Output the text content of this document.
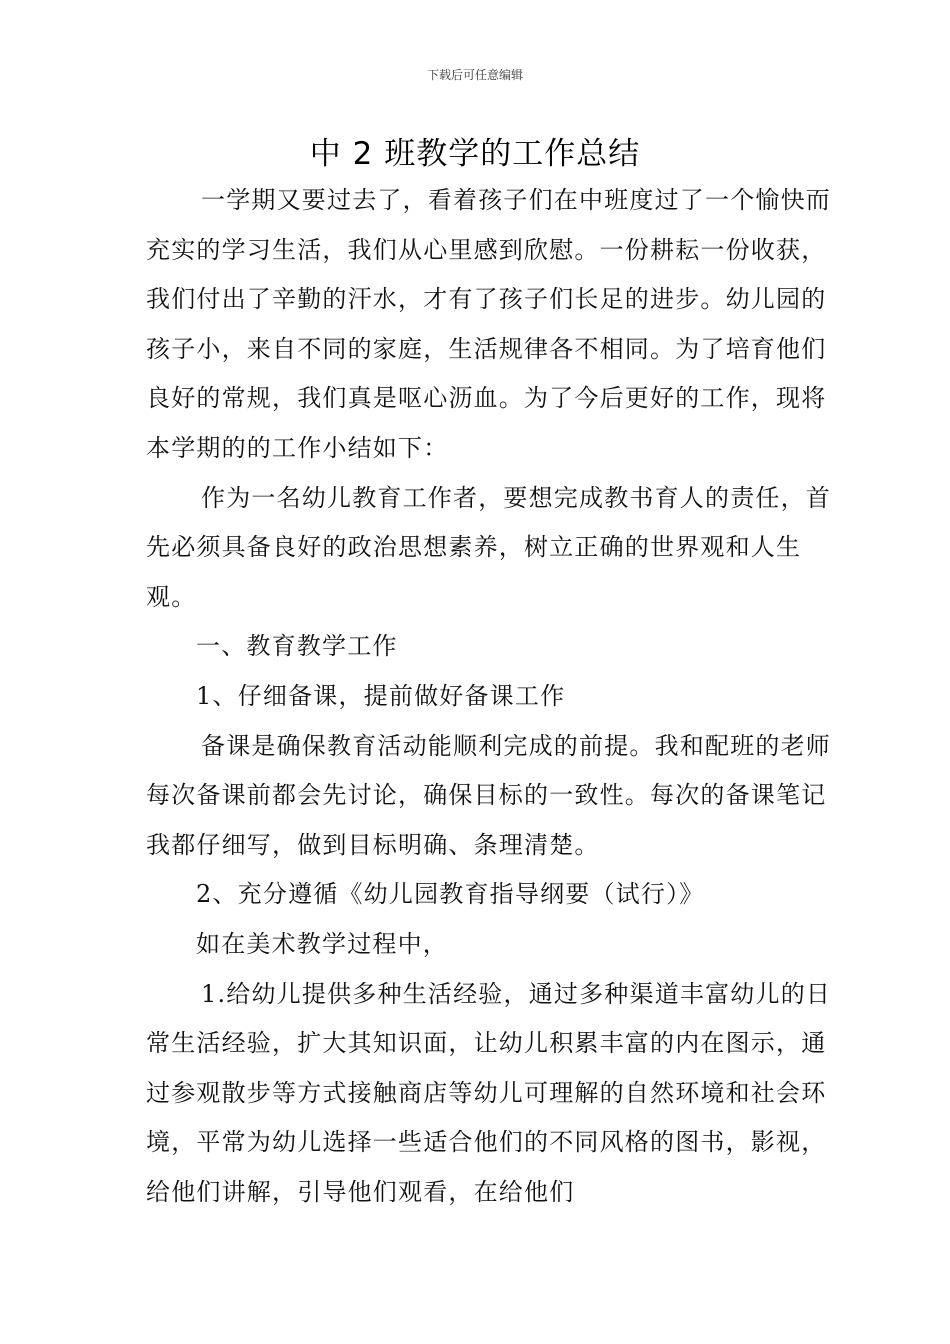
下载后可任意编辑
中 2 班教学的工作总结

一学期又要过去了，看着孩子们在中班度过了一个愉快而充实的学习生活，我们从心里感到欣慰。一份耕耘一份收获，我们付出了辛勤的汗水，才有了孩子们长足的进步。幼儿园的孩子小，来自不同的家庭，生活规律各不相同。为了培育他们良好的常规，我们真是呕心沥血。为了今后更好的工作，现将本学期的的工作小结如下：

作为一名幼儿教育工作者，要想完成教书育人的责任，首先必须具备良好的政治思想素养，树立正确的世界观和人生观。

一、教育教学工作

1、仔细备课，提前做好备课工作

备课是确保教育活动能顺利完成的前提。我和配班的老师每次备课前都会先讨论，确保目标的一致性。每次的备课笔记我都仔细写，做到目标明确、条理清楚。

2、充分遵循《幼儿园教育指导纲要（试行）》

如在美术教学过程中，

1.给幼儿提供多种生活经验，通过多种渠道丰富幼儿的日常生活经验，扩大其知识面，让幼儿积累丰富的内在图示，通过参观散步等方式接触商店等幼儿可理解的自然环境和社会环境，平常为幼儿选择一些适合他们的不同风格的图书，影视，给他们讲解，引导他们观看，在给他们
